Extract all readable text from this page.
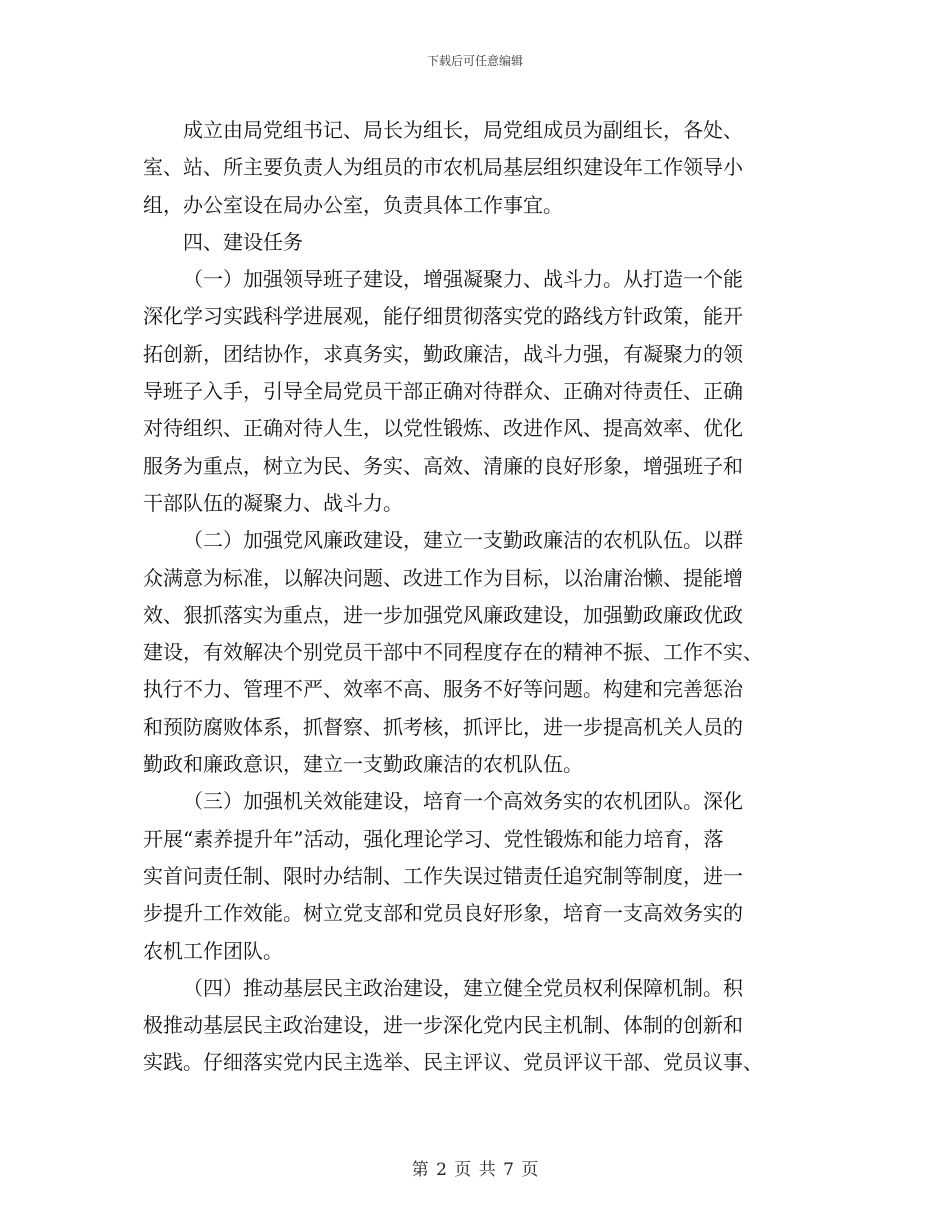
下载后可任意编辑
成立由局党组书记、局长为组长，局党组成员为副组长，各处、
室、站、所主要负责人为组员的市农机局基层组织建设年工作领导小
组，办公室设在局办公室，负责具体工作事宜。
四、建设任务
（一）加强领导班子建设，增强凝聚力、战斗力。从打造一个能
深化学习实践科学进展观，能仔细贯彻落实党的路线方针政策，能开
拓创新，团结协作，求真务实，勤政廉洁，战斗力强，有凝聚力的领
导班子入手，引导全局党员干部正确对待群众、正确对待责任、正确
对待组织、正确对待人生，以党性锻炼、改进作风、提高效率、优化
服务为重点，树立为民、务实、高效、清廉的良好形象，增强班子和
干部队伍的凝聚力、战斗力。
（二）加强党风廉政建设，建立一支勤政廉洁的农机队伍。以群
众满意为标准，以解决问题、改进工作为目标，以治庸治懒、提能增
效、狠抓落实为重点，进一步加强党风廉政建设，加强勤政廉政优政
建设，有效解决个别党员干部中不同程度存在的精神不振、工作不实、
执行不力、管理不严、效率不高、服务不好等问题。构建和完善惩治
和预防腐败体系，抓督察、抓考核，抓评比，进一步提高机关人员的
勤政和廉政意识，建立一支勤政廉洁的农机队伍。
（三）加强机关效能建设，培育一个高效务实的农机团队。深化
开展“素养提升年”活动，强化理论学习、党性锻炼和能力培育，落
实首问责任制、限时办结制、工作失误过错责任追究制等制度，进一
步提升工作效能。树立党支部和党员良好形象，培育一支高效务实的
农机工作团队。
（四）推动基层民主政治建设，建立健全党员权利保障机制。积
极推动基层民主政治建设，进一步深化党内民主机制、体制的创新和
实践。仔细落实党内民主选举、民主评议、党员评议干部、党员议事、
第 2 页 共 7 页
